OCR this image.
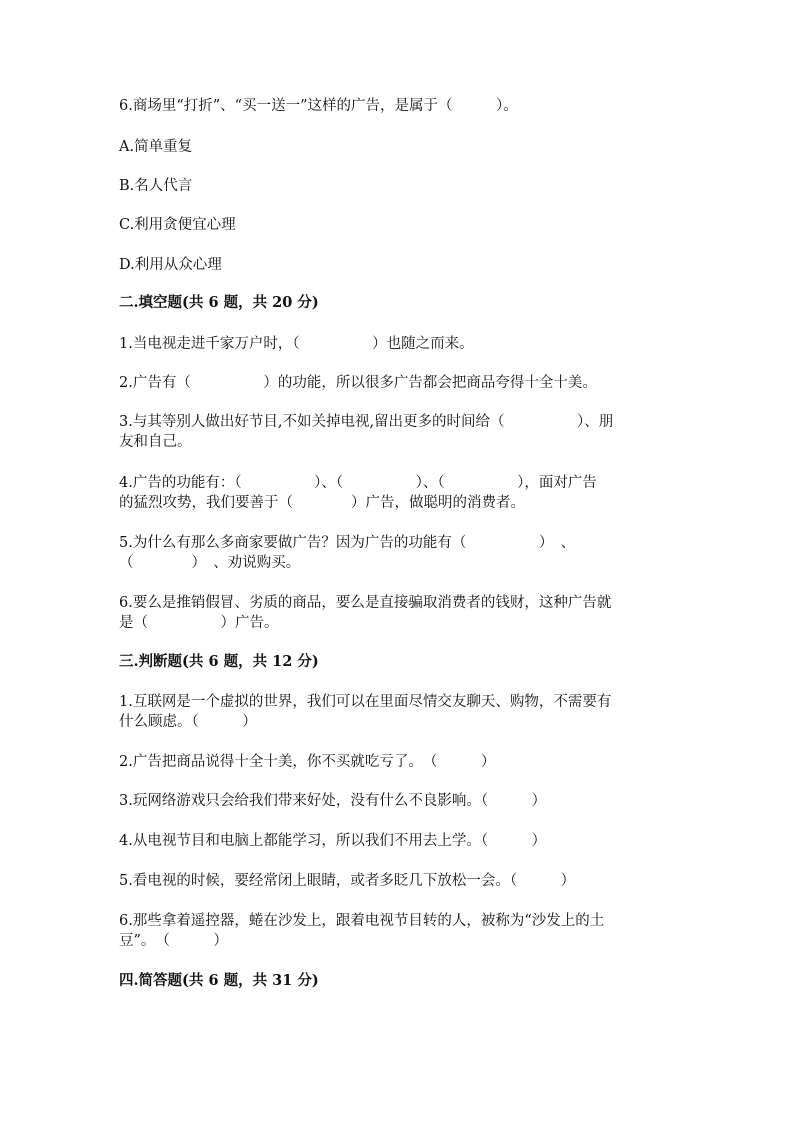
6.商场里“打折”、“买一送一”这样的广告，是属于（　　　）。
A.简单重复
B.名人代言
C.利用贪便宜心理
D.利用从众心理
二.填空题(共 6 题，共 20 分)
1.当电视走进千家万户时，（　　　　　）也随之而来。
2.广告有（　　　　　）的功能，所以很多广告都会把商品夸得十全十美。
3.与其等别人做出好节目,不如关掉电视,留出更多的时间给（　　　　　）、朋
友和自己。
4.广告的功能有：（　　　　　）、（　　　　　）、（　　　　　），面对广告
的猛烈攻势，我们要善于（　　　　）广告，做聪明的消费者。
5.为什么有那么多商家要做广告？因为广告的功能有（　　　　　）　、
（　　　　）　、劝说购买。
6.要么是推销假冒、劣质的商品，要么是直接骗取消费者的钱财，这种广告就
是（　　　　　）广告。
三.判断题(共 6 题，共 12 分)
1.互联网是一个虚拟的世界，我们可以在里面尽情交友聊天、购物，不需要有
什么顾虑。（　　　）
2.广告把商品说得十全十美，你不买就吃亏了。　（　　　）
3.玩网络游戏只会给我们带来好处，没有什么不良影响。（　　　）
4.从电视节目和电脑上都能学习，所以我们不用去上学。（　　　）
5.看电视的时候，要经常闭上眼睛，或者多眨几下放松一会。（　　　）
6.那些拿着遥控器，蜷在沙发上，跟着电视节目转的人，被称为“沙发上的土
豆”。　（　　　）
四.简答题(共 6 题，共 31 分)
